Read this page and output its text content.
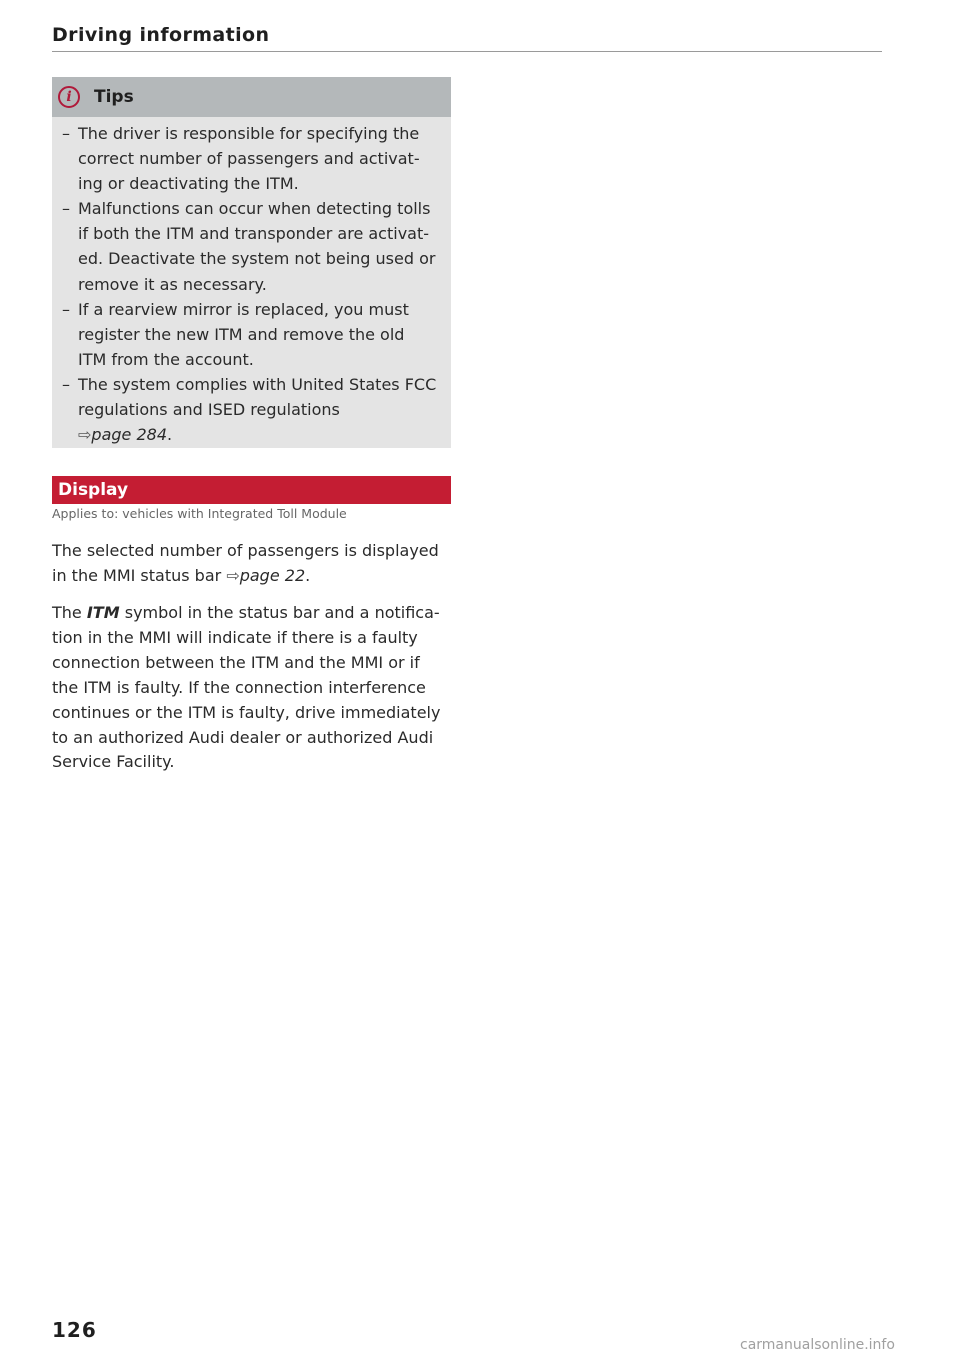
Driving information
i	Tips
– The driver is responsible for specifying the
correct number of passengers and activat-
ing or deactivating the ITM.
– Malfunctions can occur when detecting tolls
if both the ITM and transponder are activat-
ed. Deactivate the system not being used or
remove it as necessary.
– If a rearview mirror is replaced, you must
register the new ITM and remove the old
ITM from the account.
– The system complies with United States FCC
regulations and ISED regulations
⇨page 284.
Display
Applies to: vehicles with Integrated Toll Module
The selected number of passengers is displayed
in the MMI status bar ⇨page 22.
The ITM symbol in the status bar and a notifica-
tion in the MMI will indicate if there is a faulty
connection between the ITM and the MMI or if
the ITM is faulty. If the connection interference
continues or the ITM is faulty, drive immediately
to an authorized Audi dealer or authorized Audi
Service Facility.
126
carmanualsonline.info
